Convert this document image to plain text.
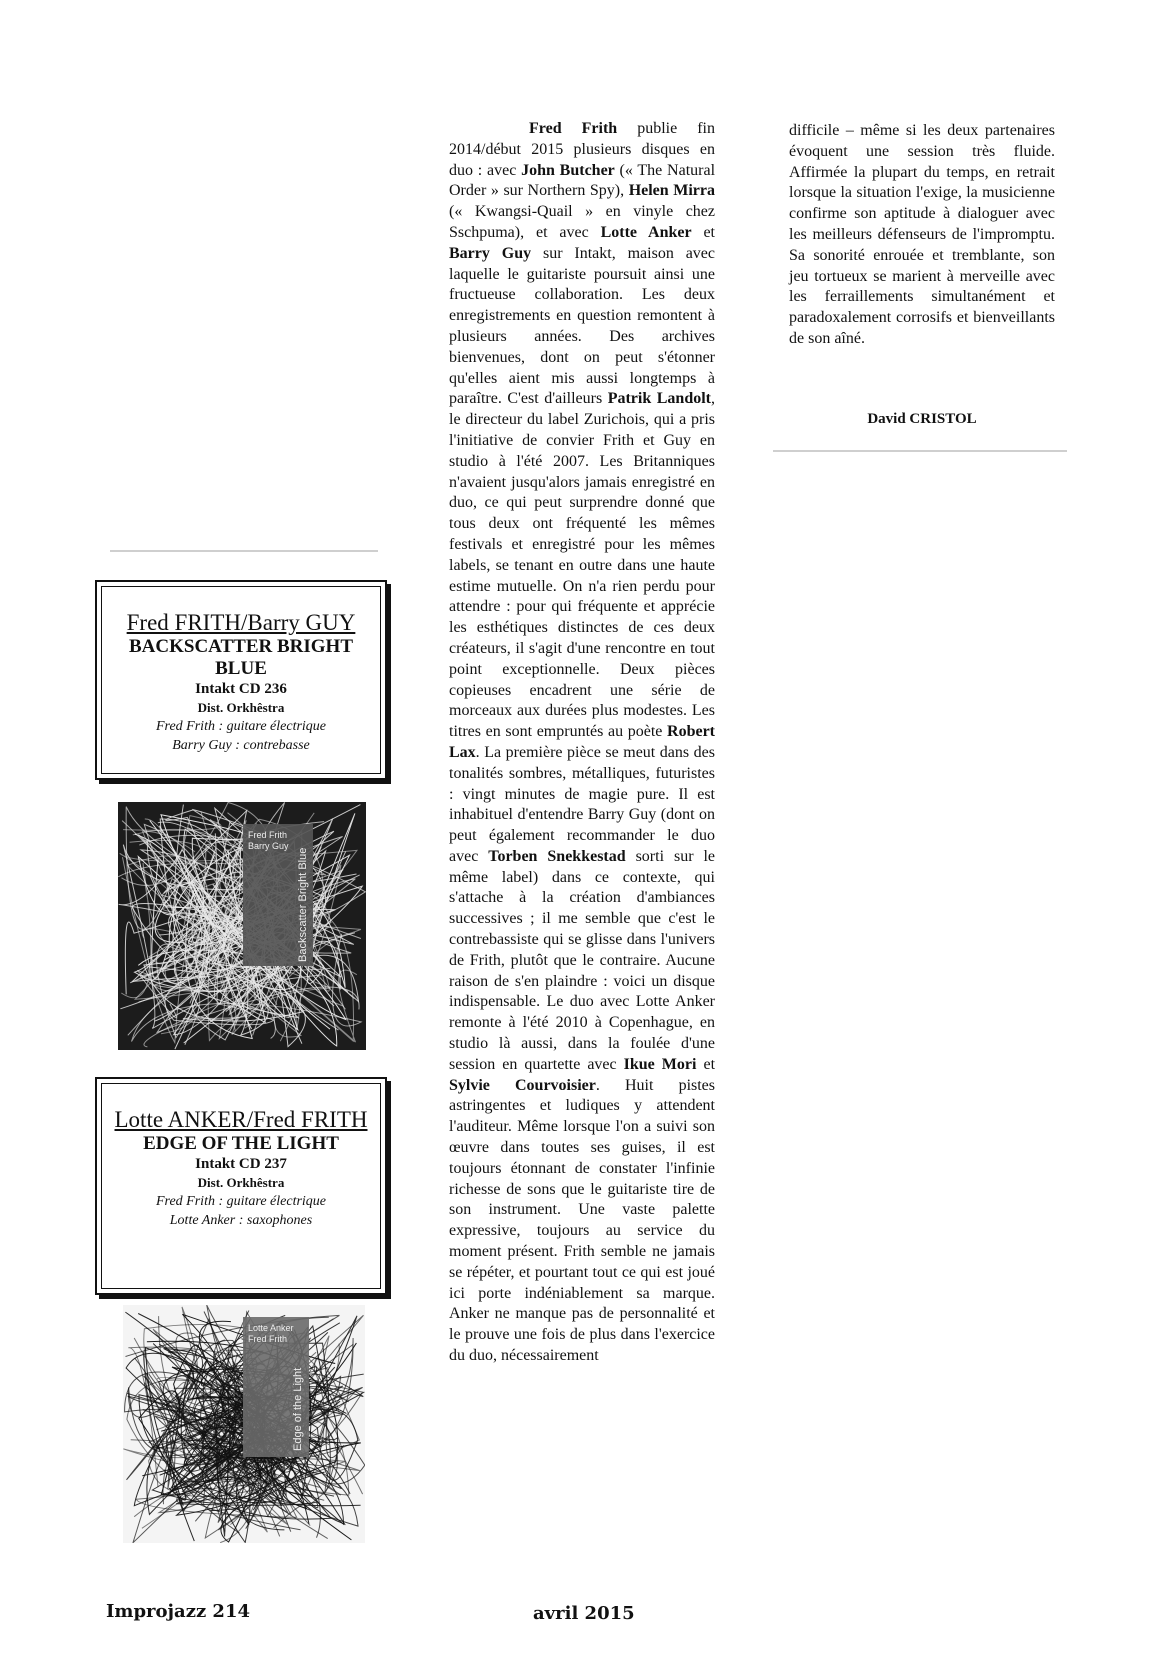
Fred FRITH/Barry GUY
BACKSCATTER BRIGHT BLUE
Intakt CD 236
Dist. Orkhêstra
Fred Frith : guitare électrique
Barry Guy : contrebasse
Fred Frith
Barry Guy
Backscatter Bright Blue
Lotte ANKER/Fred FRITH
EDGE OF THE LIGHT
Intakt CD 237
Dist. Orkhêstra
Fred Frith : guitare électrique
Lotte Anker : saxophones
Lotte Anker
Fred Frith
Edge of the Light

Fred Frith publie fin 2014/début 2015 plusieurs disques en duo : avec John Butcher (« The Natural Order » sur Northern Spy), Helen Mirra (« Kwangsi-Quail » en vinyle chez Sschpuma), et avec Lotte Anker et Barry Guy sur Intakt, maison avec laquelle le guitariste poursuit ainsi une fructueuse collaboration. Les deux enregistrements en question remontent à plusieurs années. Des archives bienvenues, dont on peut s'étonner qu'elles aient mis aussi longtemps à paraître. C'est d'ailleurs Patrik Landolt, le directeur du label Zurichois, qui a pris l'initiative de convier Frith et Guy en studio à l'été 2007. Les Britanniques n'avaient jusqu'alors jamais enregistré en duo, ce qui peut surprendre donné que tous deux ont fréquenté les mêmes festivals et enregistré pour les mêmes labels, se tenant en outre dans une haute estime mutuelle. On n'a rien perdu pour attendre : pour qui fréquente et apprécie les esthétiques distinctes de ces deux créateurs, il s'agit d'une rencontre en tout point exceptionnelle. Deux pièces copieuses encadrent une série de morceaux aux durées plus modestes. Les titres en sont empruntés au poète Robert Lax. La première pièce se meut dans des tonalités sombres, métalliques, futuristes : vingt minutes de magie pure. Il est inhabituel d'entendre Barry Guy (dont on peut également recommander le duo avec Torben Snekkestad sorti sur le même label) dans ce contexte, qui s'attache à la création d'ambiances successives ; il me semble que c'est le contrebassiste qui se glisse dans l'univers de Frith, plutôt que le contraire. Aucune raison de s'en plaindre : voici un disque indispensable. Le duo avec Lotte Anker remonte à l'été 2010 à Copenhague, en studio là aussi, dans la foulée d'une session en quartette avec Ikue Mori et Sylvie Courvoisier. Huit pistes astringentes et ludiques y attendent l'auditeur. Même lorsque l'on a suivi son œuvre dans toutes ses guises, il est toujours étonnant de constater l'infinie richesse de sons que le guitariste tire de son instrument. Une vaste palette expressive, toujours au service du moment présent. Frith semble ne jamais se répéter, et pourtant tout ce qui est joué ici porte indéniablement sa marque. Anker ne manque pas de personnalité et le prouve une fois de plus dans l'exercice du duo, nécessairement

difficile – même si les deux partenaires évoquent une session très fluide. Affirmée la plupart du temps, en retrait lorsque la situation l'exige, la musicienne confirme son aptitude à dialoguer avec les meilleurs défenseurs de l'impromptu. Sa sonorité enrouée et tremblante, son jeu tortueux se marient à merveille avec les ferraillements simultanément et paradoxalement corrosifs et bienveillants de son aîné.

David CRISTOL
Improjazz 214	avril 2015
